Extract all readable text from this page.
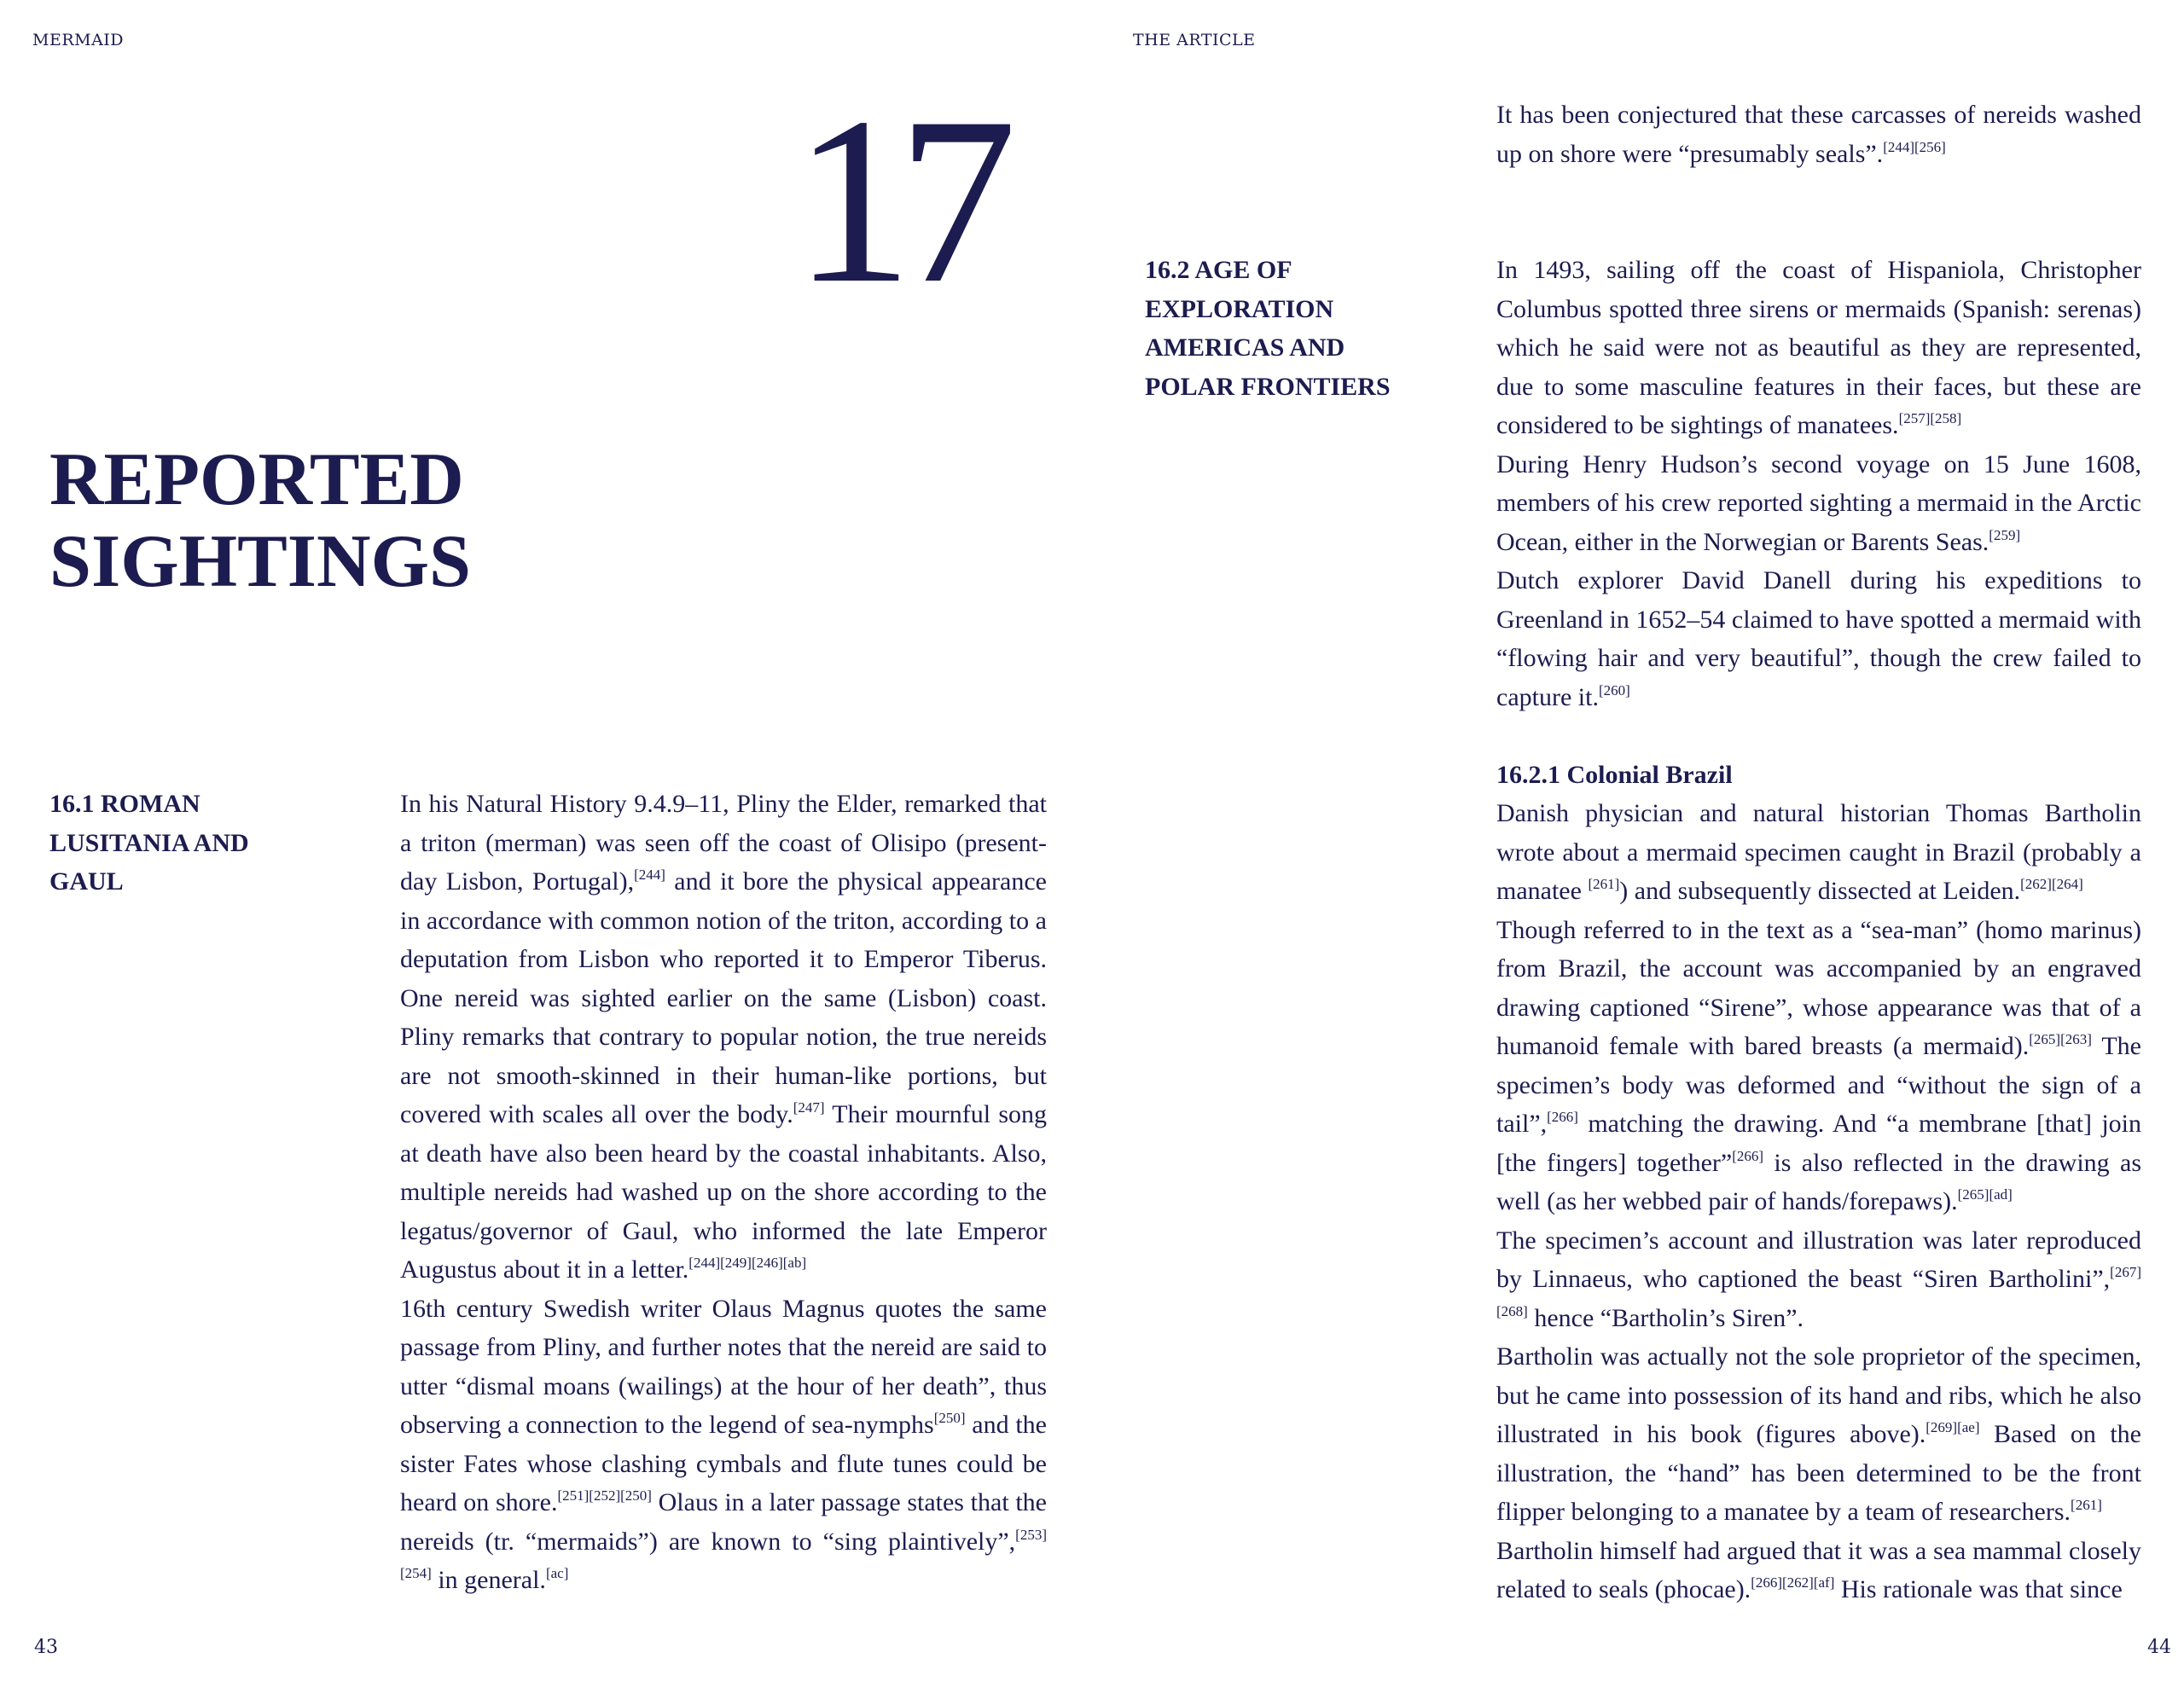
MERMAID
17
REPORTED
SIGHTINGS
16.1 ROMAN
LUSITANIA AND
GAUL

In his Natural History 9.4.9–11, Pliny the Elder, remarked that a triton (merman) was seen off the coast of Olisipo (present-day Lisbon, Portugal),[244] and it bore the physical appearance in accordance with common notion of the triton, according to a deputation from Lisbon who reported it to Emperor Tiberus. One nereid was sighted earlier on the same (Lisbon) coast. Pliny remarks that contrary to popular notion, the true nereids are not smooth-skinned in their human-like portions, but covered with scales all over the body.[247] Their mournful song at death have also been heard by the coastal inhabitants. Also, multiple nereids had washed up on the shore according to the legatus/governor of Gaul, who informed the late Emperor Augustus about it in a letter.[244][249][246][ab]

16th century Swedish writer Olaus Magnus quotes the same passage from Pliny, and further notes that the nereid are said to utter “dismal moans (wailings) at the hour of her death”, thus observing a connection to the legend of sea-nymphs[250] and the sister Fates whose clashing cymbals and flute tunes could be heard on shore.[251][252][250] Olaus in a later passage states that the nereids (tr. “mermaids”) are known to “sing plaintively”,[253] [254] in general.[ac]

43
THE ARTICLE
16.2 AGE OF
EXPLORATION
AMERICAS AND
POLAR FRONTIERS

It has been conjectured that these carcasses of nereids washed up on shore were “presumably seals”.[244][256]

In 1493, sailing off the coast of Hispaniola, Christopher Columbus spotted three sirens or mermaids (Spanish: serenas) which he said were not as beautiful as they are represented, due to some masculine features in their faces, but these are considered to be sightings of manatees.[257][258]

During Henry Hudson’s second voyage on 15 June 1608, members of his crew reported sighting a mermaid in the Arctic Ocean, either in the Norwegian or Barents Seas.[259]

Dutch explorer David Danell during his expeditions to Greenland in 1652–54 claimed to have spotted a mermaid with “flowing hair and very beautiful”, though the crew failed to capture it.[260]

16.2.1 Colonial Brazil

Danish physician and natural historian Thomas Bartholin wrote about a mermaid specimen caught in Brazil (probably a manatee [261]) and subsequently dissected at Leiden.[262][264]

Though referred to in the text as a “sea-man” (homo marinus) from Brazil, the account was accompanied by an engraved drawing captioned “Sirene”, whose appearance was that of a humanoid female with bared breasts (a mermaid).[265][263] The specimen’s body was deformed and “without the sign of a tail”,[266] matching the drawing. And “a membrane [that] join [the fingers] together”[266] is also reflected in the drawing as well (as her webbed pair of hands/forepaws).[265][ad]

The specimen’s account and illustration was later reproduced by Linnaeus, who captioned the beast “Siren Bartholini”,[267][268] hence “Bartholin’s Siren”.

Bartholin was actually not the sole proprietor of the specimen, but he came into possession of its hand and ribs, which he also illustrated in his book (figures above).[269][ae] Based on the illustration, the “hand” has been determined to be the front flipper belonging to a manatee by a team of researchers.[261]

Bartholin himself had argued that it was a sea mammal closely related to seals (phocae).[266][262][af] His rationale was that since

44
